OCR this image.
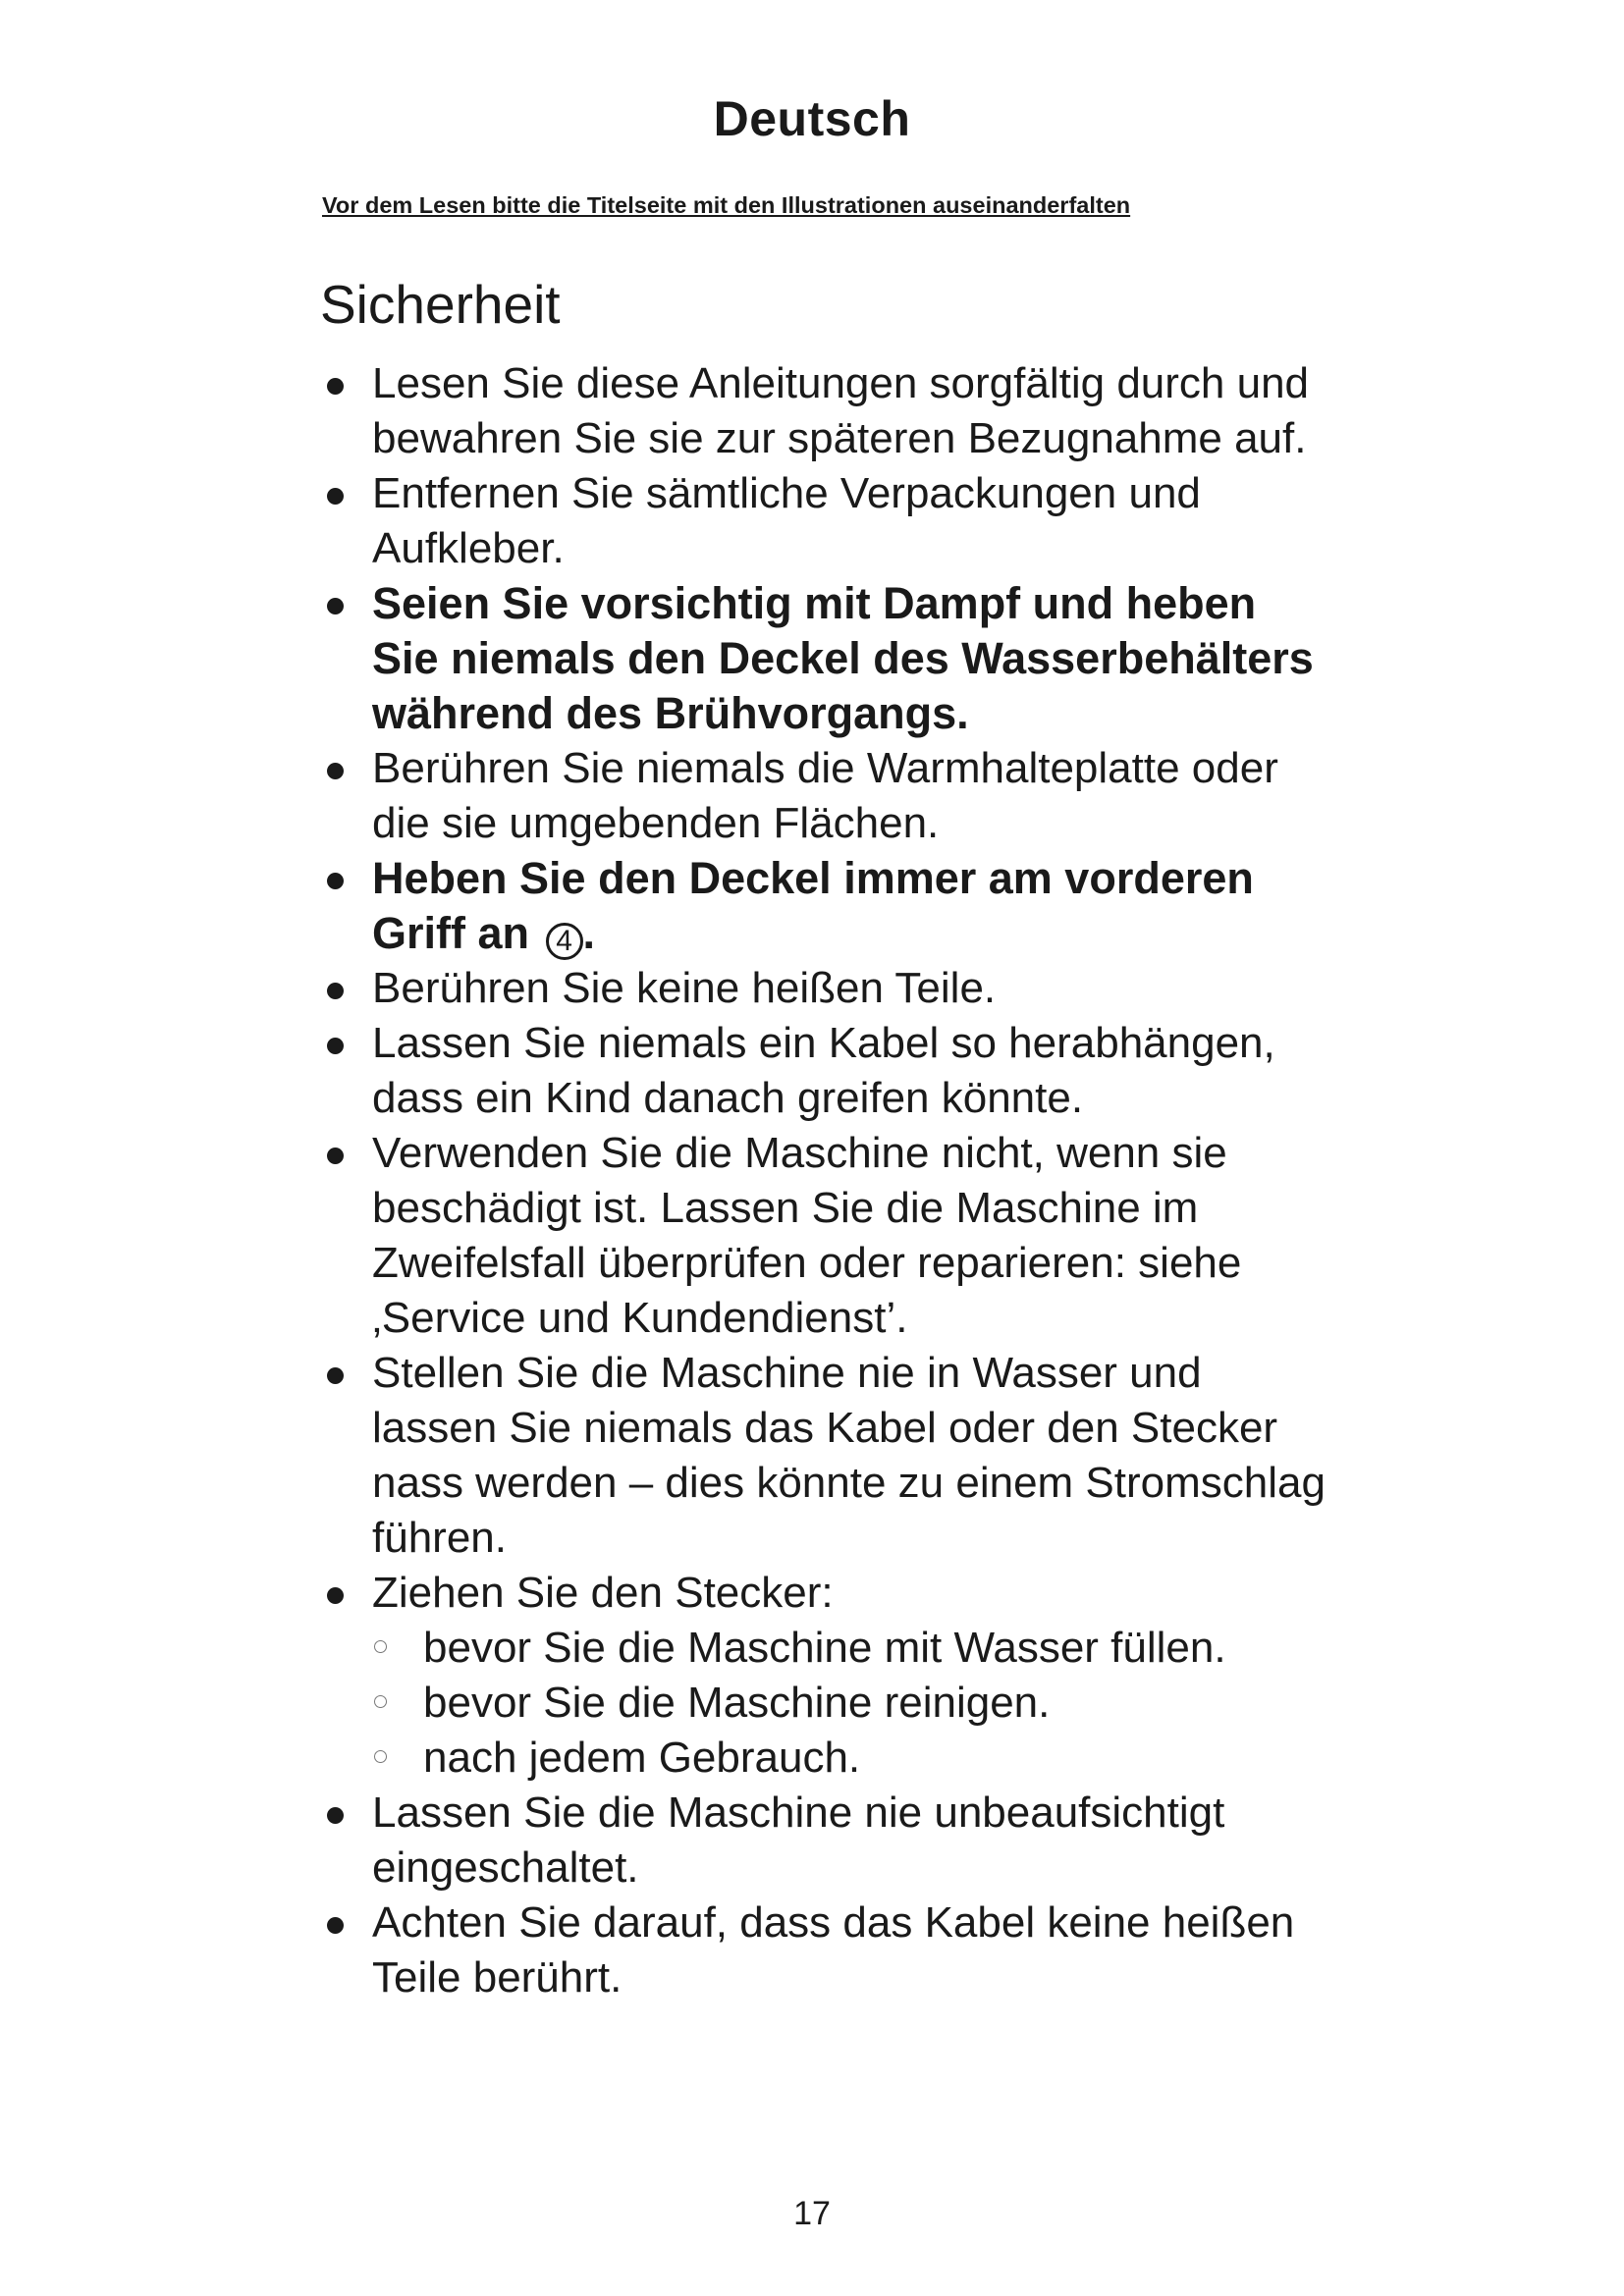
Deutsch

Vor dem Lesen bitte die Titelseite mit den Illustrationen auseinanderfalten

Sicherheit
Lesen Sie diese Anleitungen sorgfältig durch und bewahren Sie sie zur späteren Bezugnahme auf.
Entfernen Sie sämtliche Verpackungen und Aufkleber.
Seien Sie vorsichtig mit Dampf und heben Sie niemals den Deckel des Wasserbehälters während des Brühvorgangs.
Berühren Sie niemals die Warmhalteplatte oder die sie umgebenden Flächen.
Heben Sie den Deckel immer am vorderen Griff an 4 .
Berühren Sie keine heißen Teile.
Lassen Sie niemals ein Kabel so herabhängen, dass ein Kind danach greifen könnte.
Verwenden Sie die Maschine nicht, wenn sie beschädigt ist. Lassen Sie die Maschine im Zweifelsfall überprüfen oder reparieren: siehe ‚Service und Kundendienst’.
Stellen Sie die Maschine nie in Wasser und lassen Sie niemals das Kabel oder den Stecker nass werden – dies könnte zu einem Stromschlag führen.
Ziehen Sie den Stecker:
bevor Sie die Maschine mit Wasser füllen.
bevor Sie die Maschine reinigen.
nach jedem Gebrauch.
Lassen Sie die Maschine nie unbeaufsichtigt eingeschaltet.
Achten Sie darauf, dass das Kabel keine heißen Teile berührt.

17
